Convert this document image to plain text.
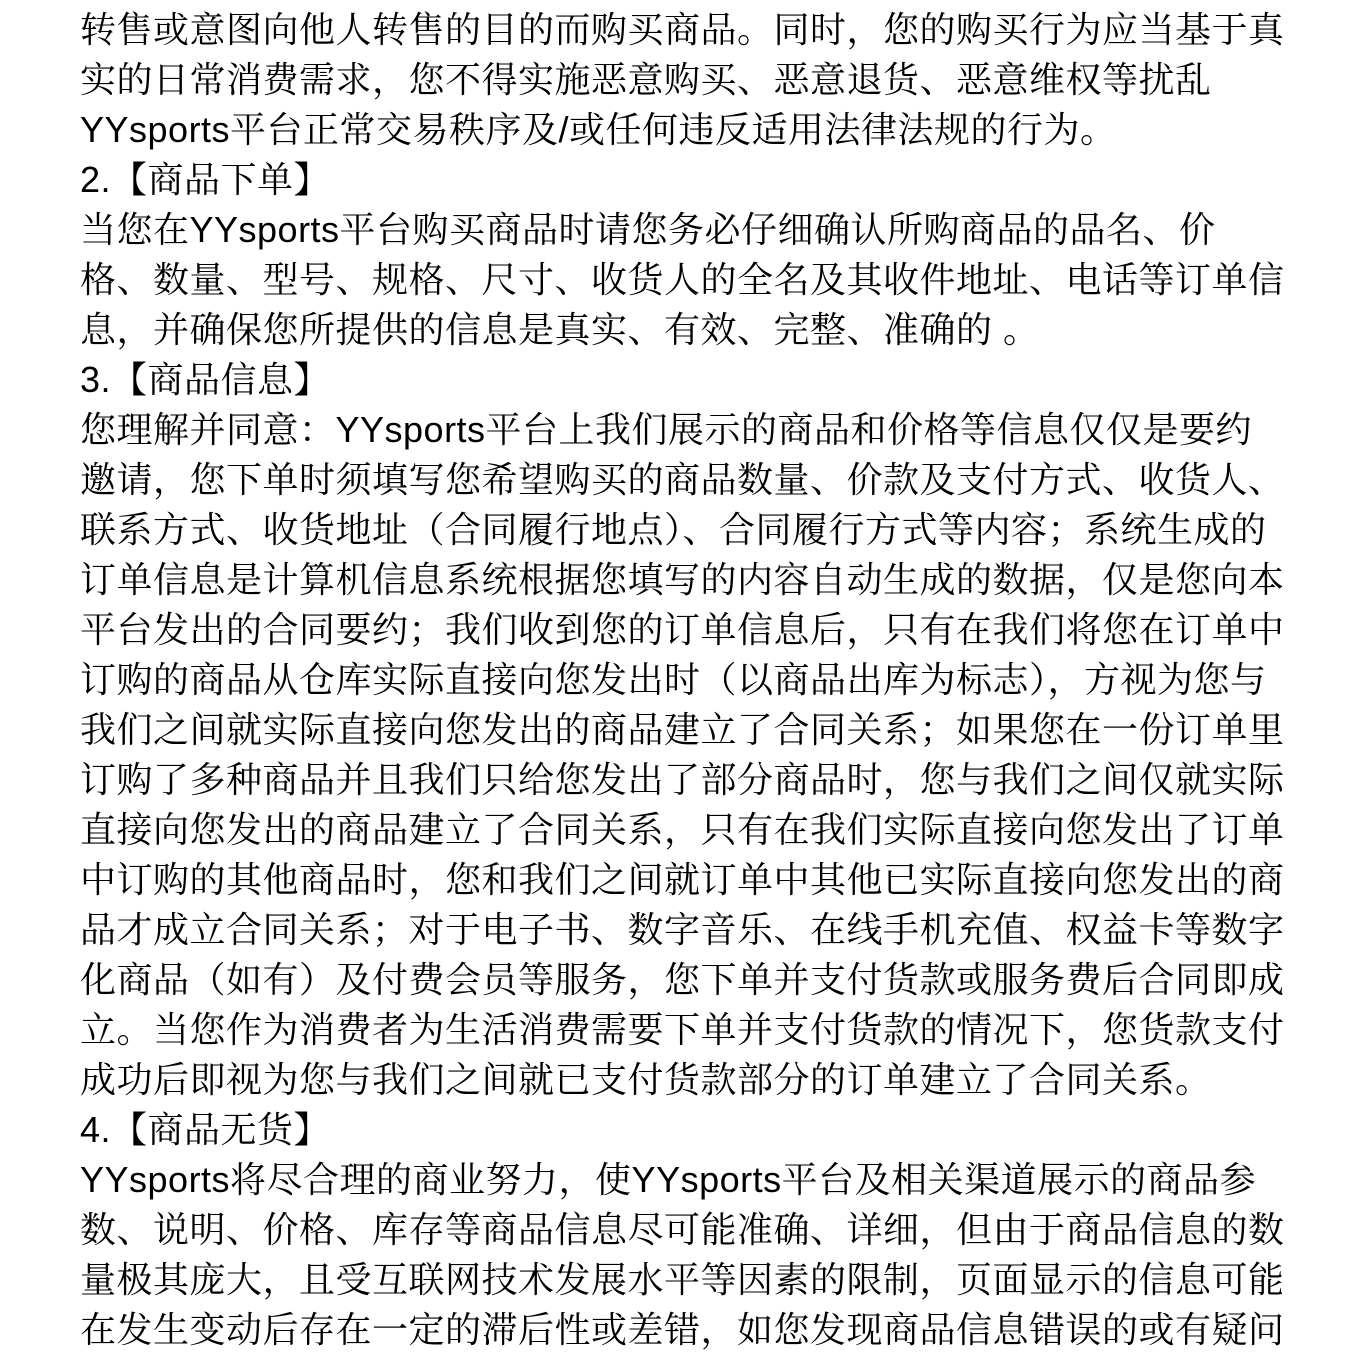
转售或意图向他人转售的目的而购买商品。同时，您的购买行为应当基于真
实的日常消费需求，您不得实施恶意购买、恶意退货、恶意维权等扰乱
YYsports平台正常交易秩序及/或任何违反适用法律法规的行为。
2.【商品下单】
当您在YYsports平台购买商品时请您务必仔细确认所购商品的品名、价
格、数量、型号、规格、尺寸、收货人的全名及其收件地址、电话等订单信
息，并确保您所提供的信息是真实、有效、完整、准确的 。
3.【商品信息】
您理解并同意：YYsports平台上我们展示的商品和价格等信息仅仅是要约
邀请，您下单时须填写您希望购买的商品数量、价款及支付方式、收货人、
联系方式、收货地址（合同履行地点）、合同履行方式等内容；系统生成的
订单信息是计算机信息系统根据您填写的内容自动生成的数据，仅是您向本
平台发出的合同要约；我们收到您的订单信息后，只有在我们将您在订单中
订购的商品从仓库实际直接向您发出时（以商品出库为标志），方视为您与
我们之间就实际直接向您发出的商品建立了合同关系；如果您在一份订单里
订购了多种商品并且我们只给您发出了部分商品时，您与我们之间仅就实际
直接向您发出的商品建立了合同关系，只有在我们实际直接向您发出了订单
中订购的其他商品时，您和我们之间就订单中其他已实际直接向您发出的商
品才成立合同关系；对于电子书、数字音乐、在线手机充值、权益卡等数字
化商品（如有）及付费会员等服务，您下单并支付货款或服务费后合同即成
立。当您作为消费者为生活消费需要下单并支付货款的情况下，您货款支付
成功后即视为您与我们之间就已支付货款部分的订单建立了合同关系。
4.【商品无货】
YYsports将尽合理的商业努力，使YYsports平台及相关渠道展示的商品参
数、说明、价格、库存等商品信息尽可能准确、详细，但由于商品信息的数
量极其庞大，且受互联网技术发展水平等因素的限制，页面显示的信息可能
在发生变动后存在一定的滞后性或差错，如您发现商品信息错误的或有疑问
